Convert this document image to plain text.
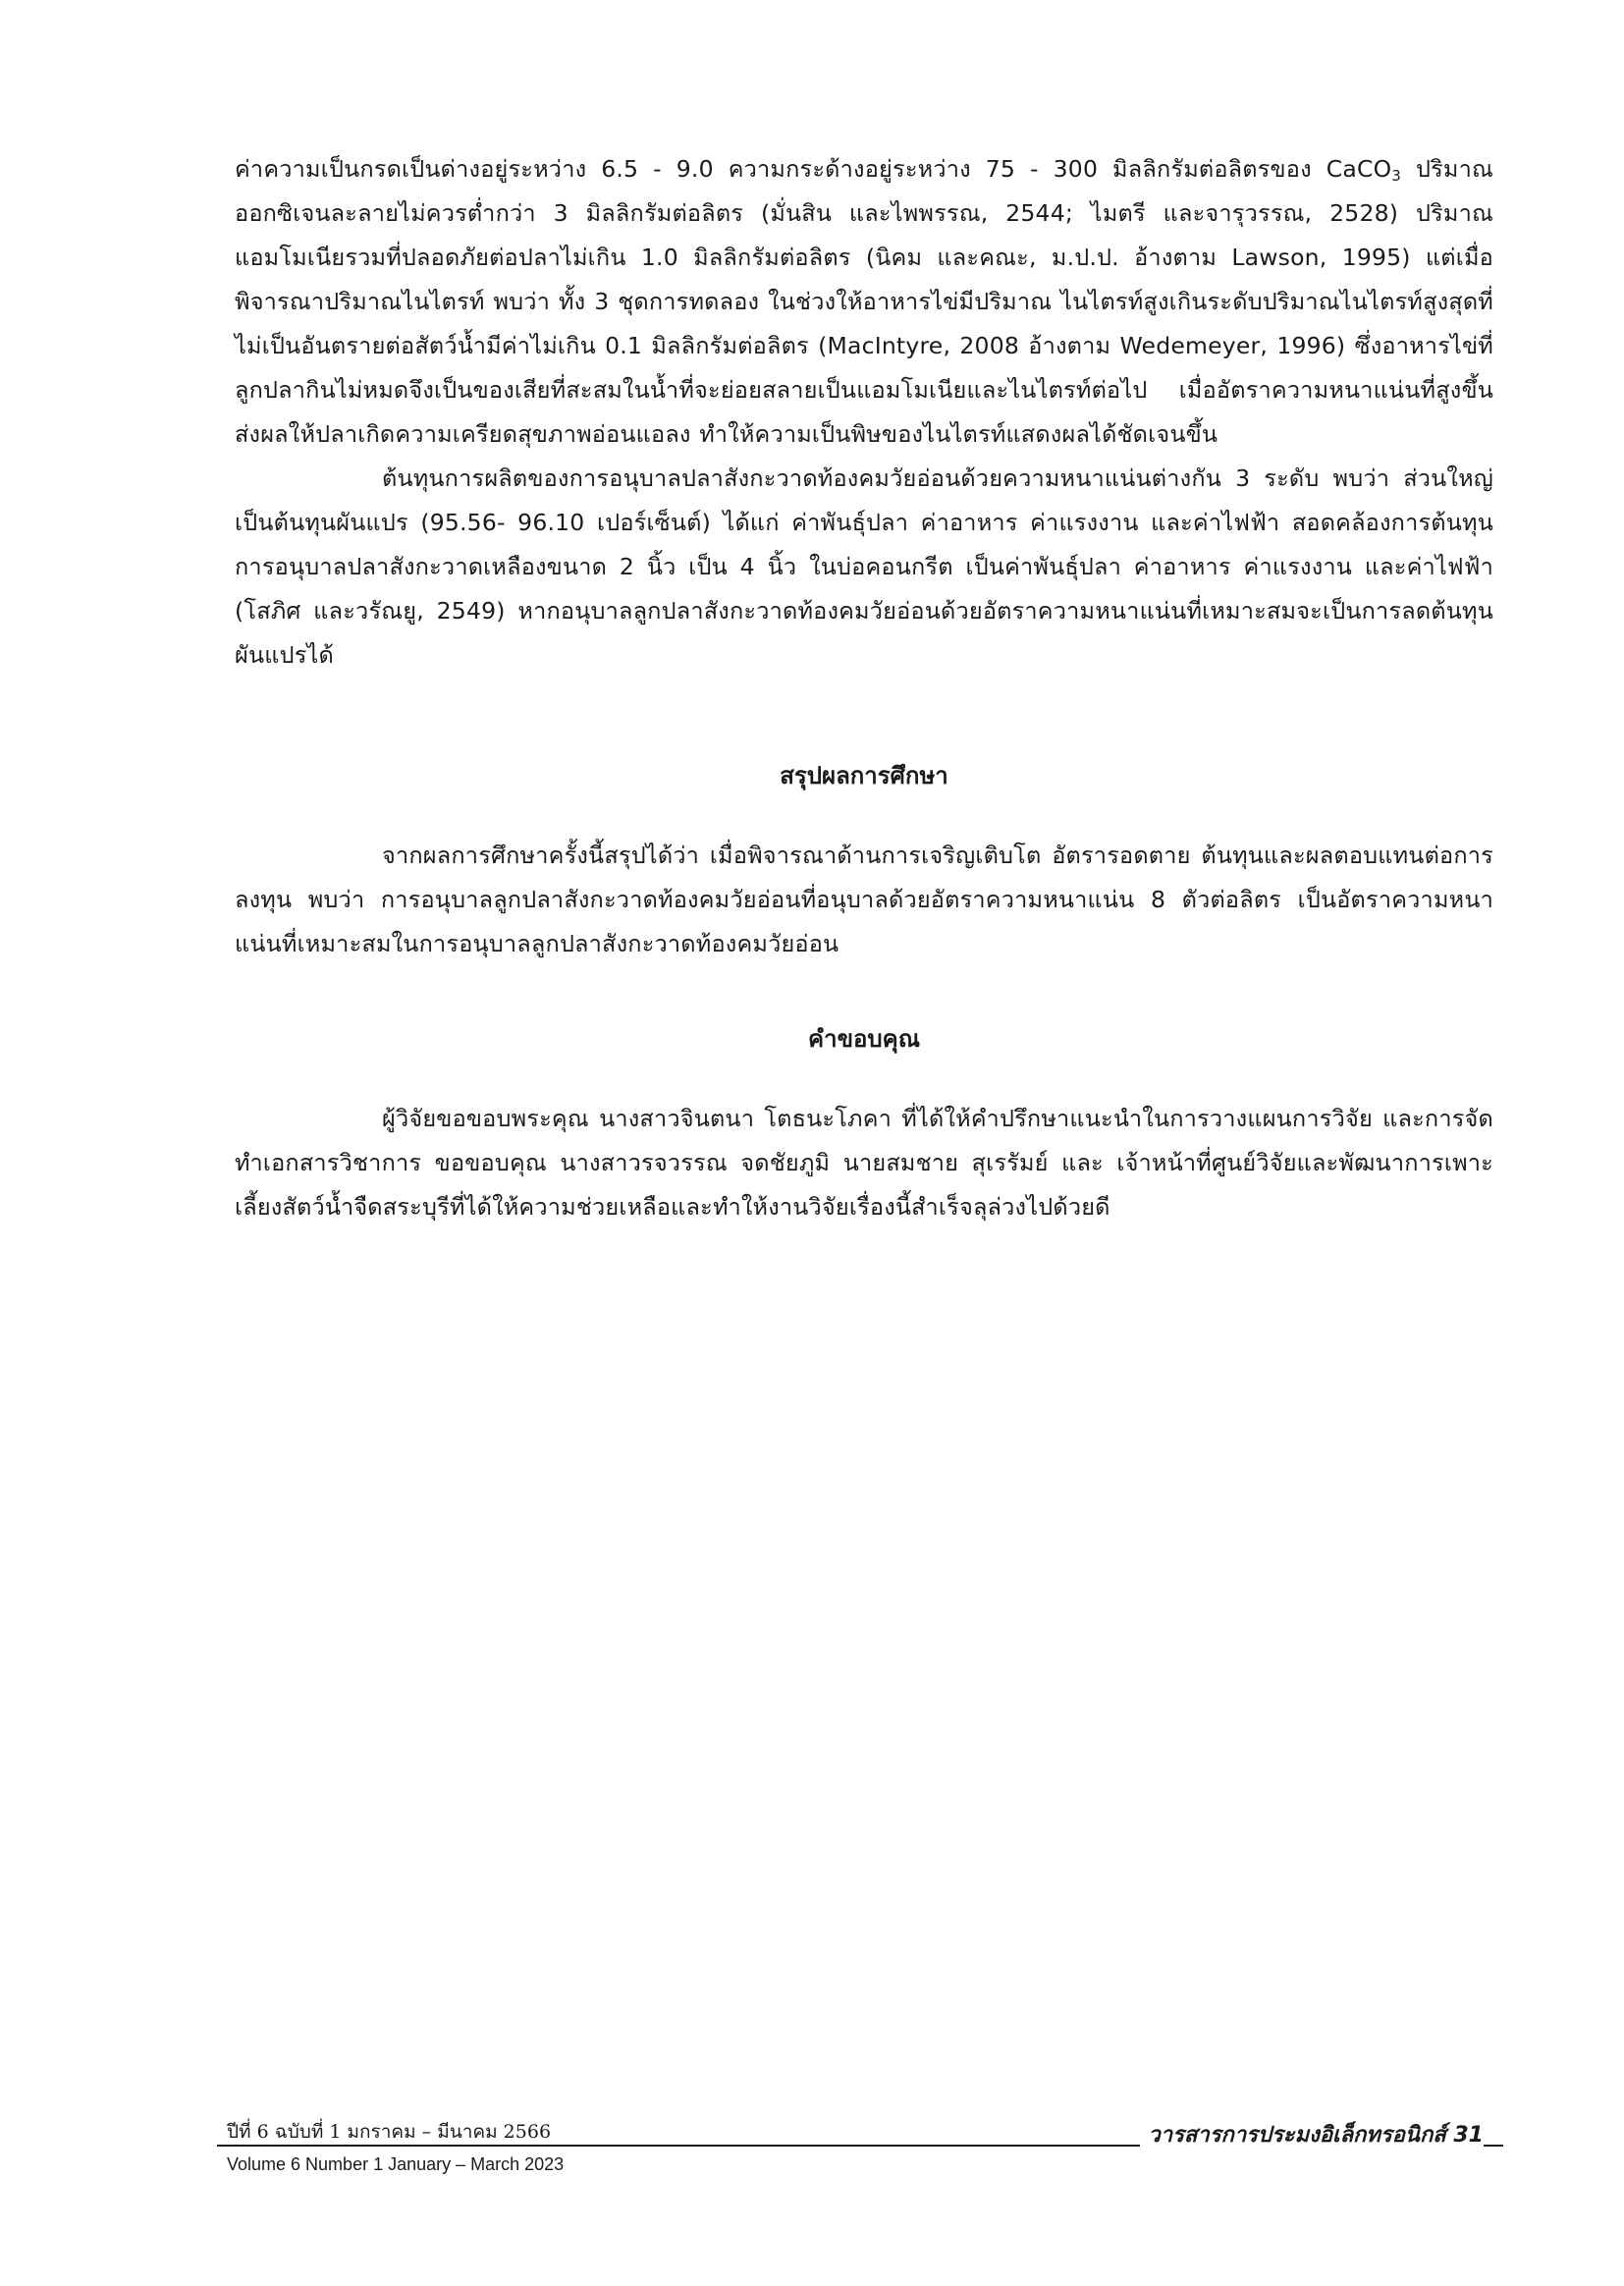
ค่าความเป็นกรดเป็นด่างอยู่ระหว่าง 6.5 - 9.0 ความกระด้างอยู่ระหว่าง 75 - 300 มิลลิกรัมต่อลิตรของ CaCO$_3$ ปริมาณออกซิเจนละลายไม่ควรต่ำกว่า 3 มิลลิกรัมต่อลิตร (มั่นสิน และไพพรรณ, 2544; ไมตรี และจารุวรรณ, 2528) ปริมาณแอมโมเนียรวมที่ปลอดภัยต่อปลาไม่เกิน 1.0 มิลลิกรัมต่อลิตร (นิคม และคณะ, ม.ป.ป. อ้างตาม Lawson, 1995) แต่เมื่อพิจารณาปริมาณไนไตรท์ พบว่า ทั้ง 3 ชุดการทดลอง ในช่วงให้อาหารไข่มีปริมาณ ไนไตรท์สูงเกินระดับปริมาณไนไตรท์สูงสุดที่ไม่เป็นอันตรายต่อสัตว์น้ำมีค่าไม่เกิน 0.1 มิลลิกรัมต่อลิตร (MacIntyre, 2008 อ้างตาม Wedemeyer, 1996) ซึ่งอาหารไข่ที่ลูกปลากินไม่หมดจึงเป็นของเสียที่สะสมในน้ำที่จะย่อยสลายเป็นแอมโมเนียและไนไตรท์ต่อไป เมื่ออัตราความหนาแน่นที่สูงขึ้นส่งผลให้ปลาเกิดความเครียดสุขภาพอ่อนแอลง ทำให้ความเป็นพิษของไนไตรท์แสดงผลได้ชัดเจนขึ้น

ต้นทุนการผลิตของการอนุบาลปลาสังกะวาดท้องคมวัยอ่อนด้วยความหนาแน่นต่างกัน 3 ระดับ พบว่า ส่วนใหญ่เป็นต้นทุนผันแปร (95.56- 96.10 เปอร์เซ็นต์) ได้แก่ ค่าพันธุ์ปลา ค่าอาหาร ค่าแรงงาน และค่าไฟฟ้า สอดคล้องการต้นทุนการอนุบาลปลาสังกะวาดเหลืองขนาด 2 นิ้ว เป็น 4 นิ้ว ในบ่อคอนกรีต เป็นค่าพันธุ์ปลา ค่าอาหาร ค่าแรงงาน และค่าไฟฟ้า (โสภิศ และวรัณยู, 2549) หากอนุบาลลูกปลาสังกะวาดท้องคมวัยอ่อนด้วยอัตราความหนาแน่นที่เหมาะสมจะเป็นการลดต้นทุนผันแปรได้

สรุปผลการศึกษา

จากผลการศึกษาครั้งนี้สรุปได้ว่า เมื่อพิจารณาด้านการเจริญเติบโต อัตรารอดตาย ต้นทุนและผลตอบแทนต่อการลงทุน พบว่า การอนุบาลลูกปลาสังกะวาดท้องคมวัยอ่อนที่อนุบาลด้วยอัตราความหนาแน่น 8 ตัวต่อลิตร เป็นอัตราความหนาแน่นที่เหมาะสมในการอนุบาลลูกปลาสังกะวาดท้องคมวัยอ่อน

คำขอบคุณ

ผู้วิจัยขอขอบพระคุณ นางสาวจินตนา โตธนะโภคา ที่ได้ให้คำปรึกษาแนะนำในการวางแผนการวิจัย และการจัดทำเอกสารวิชาการ ขอขอบคุณ นางสาวรจวรรณ จดชัยภูมิ นายสมชาย สุเรรัมย์ และ เจ้าหน้าที่ศูนย์วิจัยและพัฒนาการเพาะเลี้ยงสัตว์น้ำจืดสระบุรีที่ได้ให้ความช่วยเหลือและทำให้งานวิจัยเรื่องนี้สำเร็จลุล่วงไปด้วยดี

ปีที่ 6 ฉบับที่ 1 มกราคม – มีนาคม 2566	วารสารการประมงอิเล็กทรอนิกส์ 31
Volume 6 Number 1 January – March 2023
